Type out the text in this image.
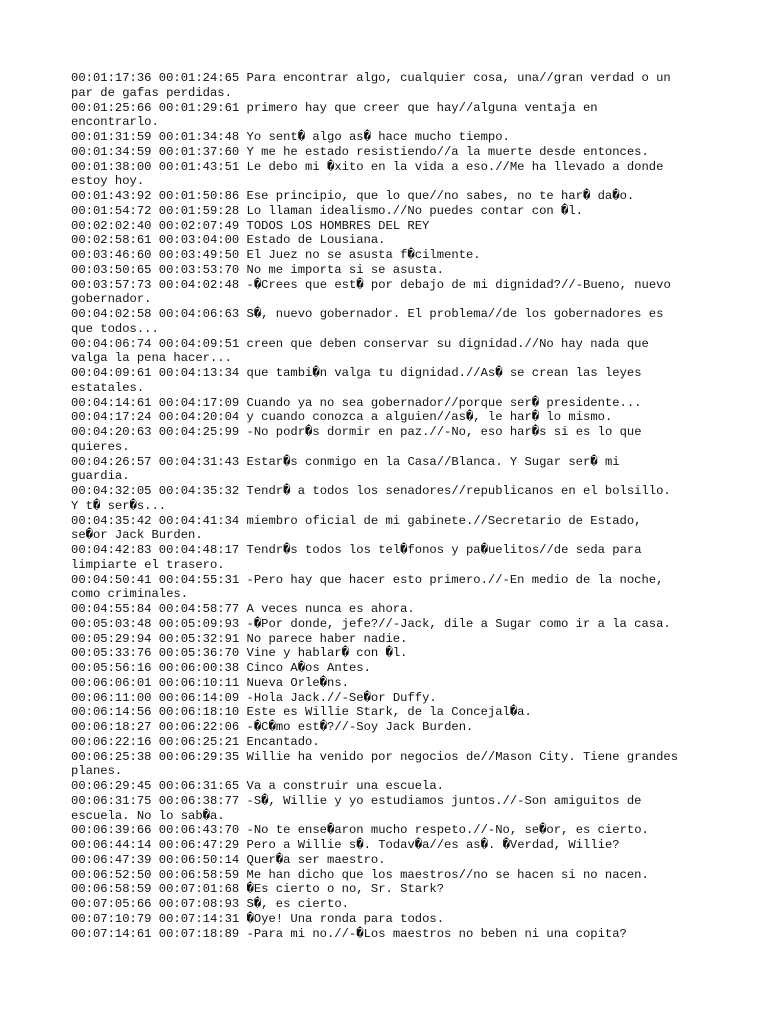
00:01:17:36 00:01:24:65 Para encontrar algo, cualquier cosa, una//gran verdad o un
par de gafas perdidas.
00:01:25:66 00:01:29:61 primero hay que creer que hay//alguna ventaja en
encontrarlo.
00:01:31:59 00:01:34:48 Yo sent� algo as� hace mucho tiempo.
00:01:34:59 00:01:37:60 Y me he estado resistiendo//a la muerte desde entonces.
00:01:38:00 00:01:43:51 Le debo mi �xito en la vida a eso.//Me ha llevado a donde
estoy hoy.
00:01:43:92 00:01:50:86 Ese principio, que lo que//no sabes, no te har� da�o.
00:01:54:72 00:01:59:28 Lo llaman idealismo.//No puedes contar con �l.
00:02:02:40 00:02:07:49 TODOS LOS HOMBRES DEL REY
00:02:58:61 00:03:04:00 Estado de Lousiana.
00:03:46:60 00:03:49:50 El Juez no se asusta f�cilmente.
00:03:50:65 00:03:53:70 No me importa si se asusta.
00:03:57:73 00:04:02:48 -�Crees que est� por debajo de mi dignidad?//-Bueno, nuevo
gobernador.
00:04:02:58 00:04:06:63 S�, nuevo gobernador. El problema//de los gobernadores es
que todos...
00:04:06:74 00:04:09:51 creen que deben conservar su dignidad.//No hay nada que
valga la pena hacer...
00:04:09:61 00:04:13:34 que tambi�n valga tu dignidad.//As� se crean las leyes
estatales.
00:04:14:61 00:04:17:09 Cuando ya no sea gobernador//porque ser� presidente...
00:04:17:24 00:04:20:04 y cuando conozca a alguien//as�, le har� lo mismo.
00:04:20:63 00:04:25:99 -No podr�s dormir en paz.//-No, eso har�s si es lo que
quieres.
00:04:26:57 00:04:31:43 Estar�s conmigo en la Casa//Blanca. Y Sugar ser� mi
guardia.
00:04:32:05 00:04:35:32 Tendr� a todos los senadores//republicanos en el bolsillo.
Y t� ser�s...
00:04:35:42 00:04:41:34 miembro oficial de mi gabinete.//Secretario de Estado,
se�or Jack Burden.
00:04:42:83 00:04:48:17 Tendr�s todos los tel�fonos y pa�uelitos//de seda para
limpiarte el trasero.
00:04:50:41 00:04:55:31 -Pero hay que hacer esto primero.//-En medio de la noche,
como criminales.
00:04:55:84 00:04:58:77 A veces nunca es ahora.
00:05:03:48 00:05:09:93 -�Por donde, jefe?//-Jack, dile a Sugar como ir a la casa.
00:05:29:94 00:05:32:91 No parece haber nadie.
00:05:33:76 00:05:36:70 Vine y hablar� con �l.
00:05:56:16 00:06:00:38 Cinco A�os Antes.
00:06:06:01 00:06:10:11 Nueva Orle�ns.
00:06:11:00 00:06:14:09 -Hola Jack.//-Se�or Duffy.
00:06:14:56 00:06:18:10 Este es Willie Stark, de la Concejal�a.
00:06:18:27 00:06:22:06 -�C�mo est�?//-Soy Jack Burden.
00:06:22:16 00:06:25:21 Encantado.
00:06:25:38 00:06:29:35 Willie ha venido por negocios de//Mason City. Tiene grandes
planes.
00:06:29:45 00:06:31:65 Va a construir una escuela.
00:06:31:75 00:06:38:77 -S�, Willie y yo estudiamos juntos.//-Son amiguitos de
escuela. No lo sab�a.
00:06:39:66 00:06:43:70 -No te ense�aron mucho respeto.//-No, se�or, es cierto.
00:06:44:14 00:06:47:29 Pero a Willie s�. Todav�a//es as�. �Verdad, Willie?
00:06:47:39 00:06:50:14 Quer�a ser maestro.
00:06:52:50 00:06:58:59 Me han dicho que los maestros//no se hacen si no nacen.
00:06:58:59 00:07:01:68 �Es cierto o no, Sr. Stark?
00:07:05:66 00:07:08:93 S�, es cierto.
00:07:10:79 00:07:14:31 �Oye! Una ronda para todos.
00:07:14:61 00:07:18:89 -Para mi no.//-�Los maestros no beben ni una copita?
